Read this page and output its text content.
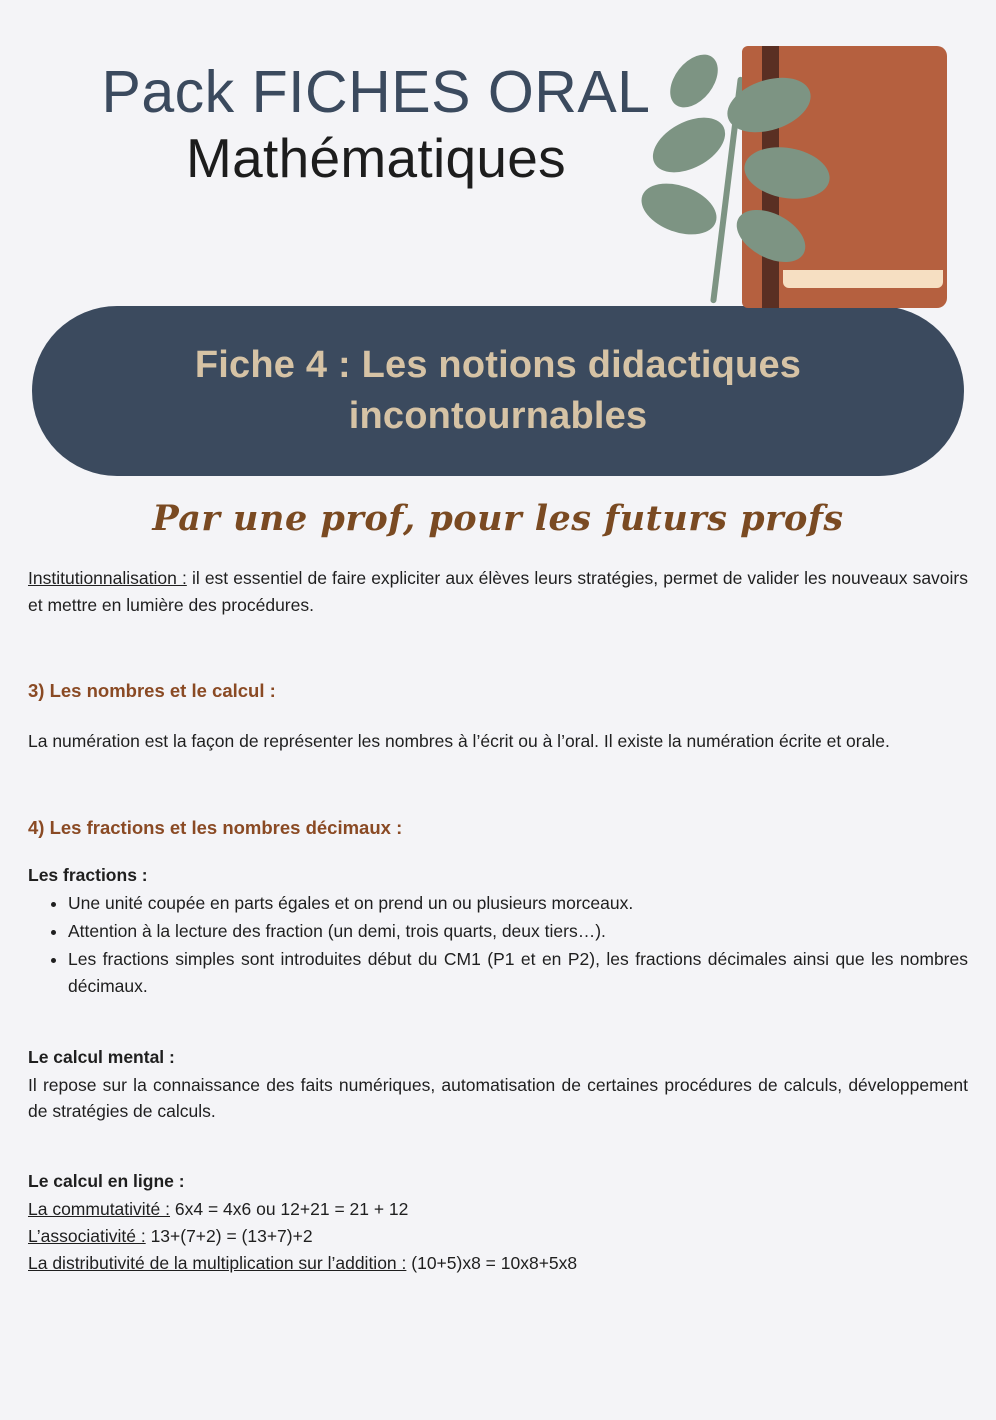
Pack FICHES ORAL
Mathématiques
Fiche 4 : Les notions didactiques incontournables
Par une prof, pour les futurs profs

Institutionnalisation : il est essentiel de faire expliciter aux élèves leurs stratégies, permet de valider les nouveaux savoirs et mettre en lumière des procédures.

3) Les nombres et le calcul :

La numération est la façon de représenter les nombres à l’écrit ou à l’oral. Il existe la numération écrite et orale.

4) Les fractions et les nombres décimaux :

Les fractions :

• Une unité coupée en parts égales et on prend un ou plusieurs morceaux.
• Attention à la lecture des fraction (un demi, trois quarts, deux tiers…).
• Les fractions simples sont introduites début du CM1 (P1 et en P2), les fractions décimales ainsi que les nombres décimaux.

Le calcul mental :

Il repose sur la connaissance des faits numériques, automatisation de certaines procédures de calculs, développement de stratégies de calculs.

Le calcul en ligne :

La commutativité : 6x4 = 4x6 ou 12+21 = 21 + 12

L’associativité : 13+(7+2) = (13+7)+2

La distributivité de la multiplication sur l’addition : (10+5)x8 = 10x8+5x8
